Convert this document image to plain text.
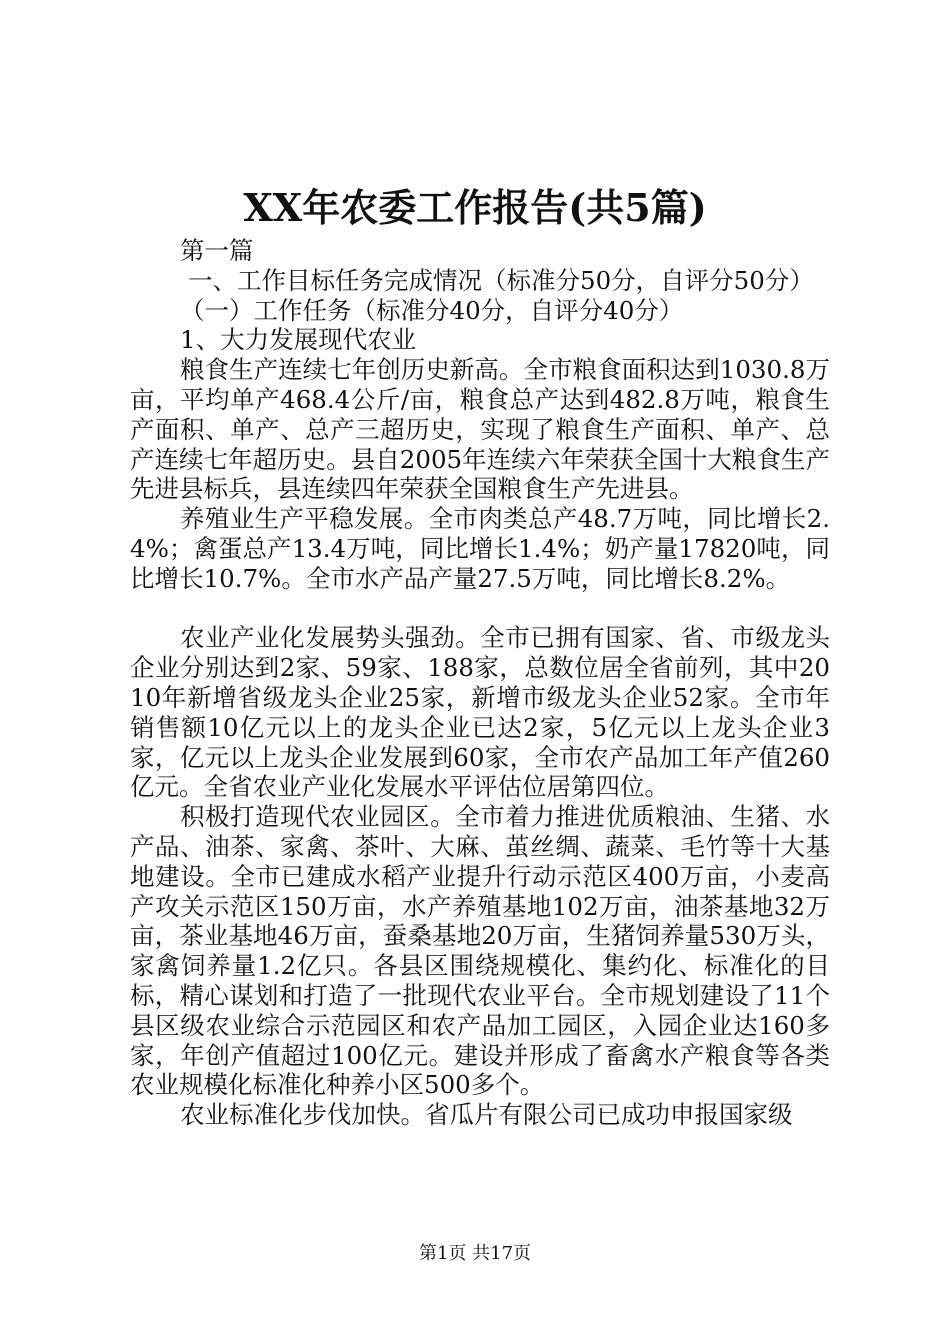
XX年农委工作报告(共5篇)

第一篇

一、工作目标任务完成情况（标准分50分，自评分50分）

（一）工作任务（标准分40分，自评分40分）

1、大力发展现代农业

粮食生产连续七年创历史新高。全市粮食面积达到1030.8万亩，平均单产468.4公斤/亩，粮食总产达到482.8万吨，粮食生产面积、单产、总产三超历史，实现了粮食生产面积、单产、总产连续七年超历史。县自2005年连续六年荣获全国十大粮食生产先进县标兵，县连续四年荣获全国粮食生产先进县。

养殖业生产平稳发展。全市肉类总产48.7万吨，同比增长2.4%；禽蛋总产13.4万吨，同比增长1.4%；奶产量17820吨，同比增长10.7%。全市水产品产量27.5万吨，同比增长8.2%。

农业产业化发展势头强劲。全市已拥有国家、省、市级龙头企业分别达到2家、59家、188家，总数位居全省前列，其中2010年新增省级龙头企业25家，新增市级龙头企业52家。全市年销售额10亿元以上的龙头企业已达2家，5亿元以上龙头企业3家，亿元以上龙头企业发展到60家，全市农产品加工年产值260亿元。全省农业产业化发展水平评估位居第四位。

积极打造现代农业园区。全市着力推进优质粮油、生猪、水产品、油茶、家禽、茶叶、大麻、茧丝绸、蔬菜、毛竹等十大基地建设。全市已建成水稻产业提升行动示范区400万亩，小麦高产攻关示范区150万亩，水产养殖基地102万亩，油茶基地32万亩，茶业基地46万亩，蚕桑基地20万亩，生猪饲养量530万头，家禽饲养量1.2亿只。各县区围绕规模化、集约化、标准化的目标，精心谋划和打造了一批现代农业平台。全市规划建设了11个县区级农业综合示范园区和农产品加工园区，入园企业达160多家，年创产值超过100亿元。建设并形成了畜禽水产粮食等各类农业规模化标准化种养小区500多个。

农业标准化步伐加快。省瓜片有限公司已成功申报国家级

第1页 共17页
